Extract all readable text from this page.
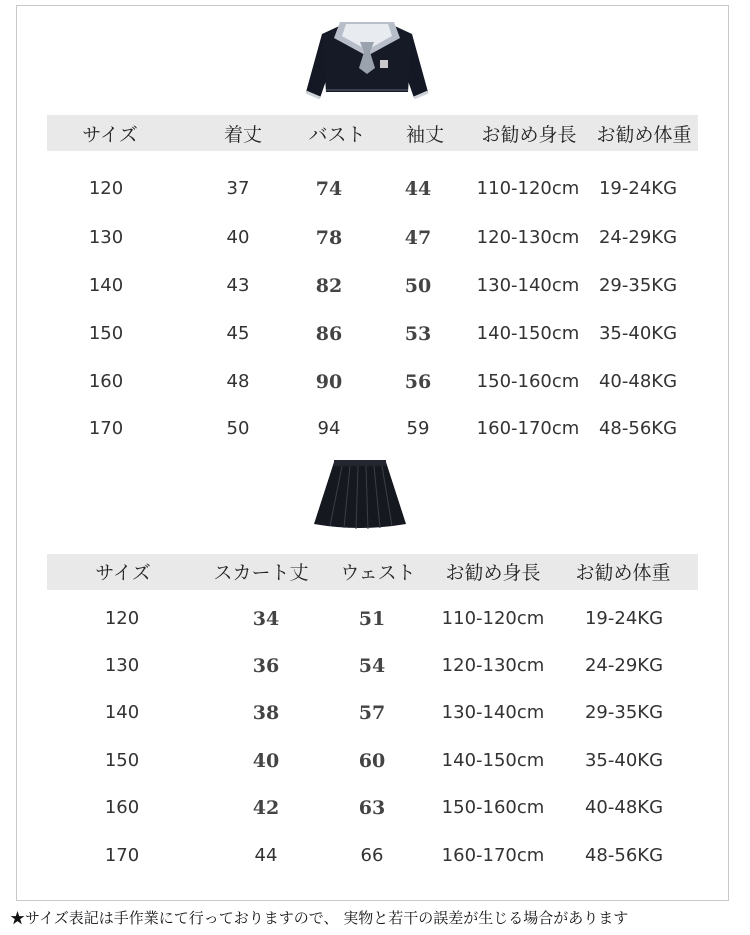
サイズ	着丈 バスト 袖丈 お勧め身長 お勧め体重
120	37	74	44	110-120cm 19-24KG
130	40	78	47	120-130cm 24-29KG
140	43	82	50	130-140cm 29-35KG
150	45	86	53	140-150cm 35-40KG
160	48	90	56	150-160cm 40-48KG
170	50	94	59	160-170cm 48-56KG
サイズ	スカート丈 ウェスト お勧め身長 お勧め体重
120	34	51	110-120cm 19-24KG
130	36	54	120-130cm 24-29KG
140	38	57	130-140cm 29-35KG
150	40	60	140-150cm 35-40KG
160	42	63	150-160cm 40-48KG
170	44	66	160-170cm 48-56KG
★サイズ表記は手作業にて行っておりますので、 実物と若干の誤差が生じる場合があります
